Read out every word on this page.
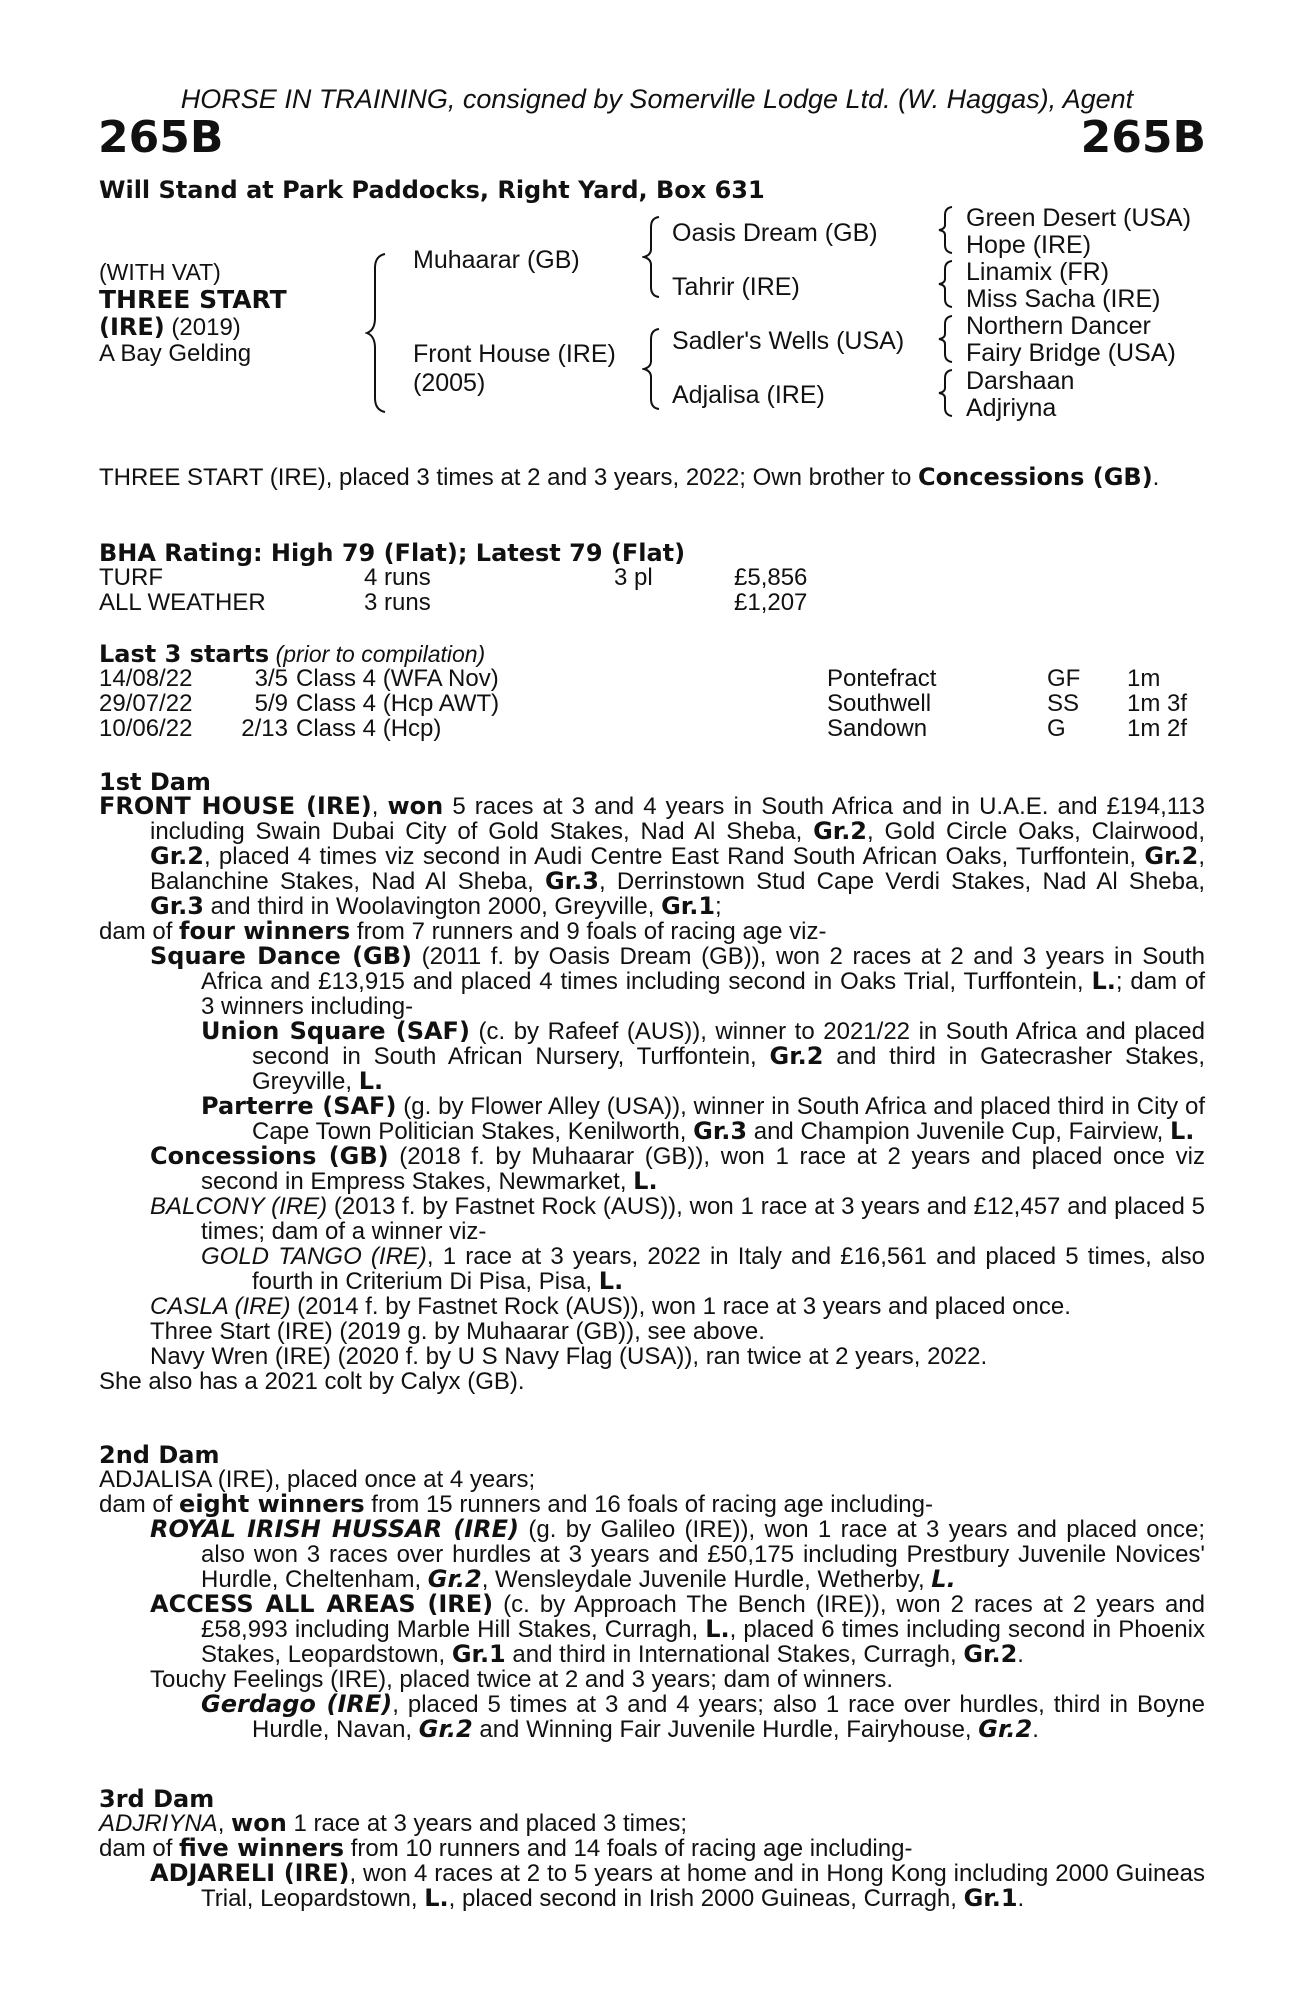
HORSE IN TRAINING, consigned by Somerville Lodge Ltd. (W. Haggas), Agent
265B	265B
Will Stand at Park Paddocks, Right Yard, Box 631
(WITH VAT)
THREE START
(IRE) (2019)
A Bay Gelding
Muhaarar (GB)
Front House (IRE)
(2005)
Oasis Dream (GB)
Tahrir (IRE)
Sadler's Wells (USA)
Adjalisa (IRE)
Green Desert (USA)
Hope (IRE)
Linamix (FR)
Miss Sacha (IRE)
Northern Dancer
Fairy Bridge (USA)
Darshaan
Adjriyna
THREE START (IRE), placed 3 times at 2 and 3 years, 2022; Own brother to Concessions (GB).
BHA Rating: High 79 (Flat); Latest 79 (Flat)
TURF	4 runs	3 pl	£5,856
ALL WEATHER	3 runs		£1,207
Last 3 starts (prior to compilation)
14/08/22	3/5	Class 4 (WFA Nov)	Pontefract	GF	1m
29/07/22	5/9	Class 4 (Hcp AWT)	Southwell	SS	1m 3f
10/06/22	2/13	Class 4 (Hcp)	Sandown	G	1m 2f
1st Dam
FRONT HOUSE (IRE), won 5 races at 3 and 4 years in South Africa and in U.A.E. and £194,113 including Swain Dubai City of Gold Stakes, Nad Al Sheba, Gr.2, Gold Circle Oaks, Clairwood, Gr.2, placed 4 times viz second in Audi Centre East Rand South African Oaks, Turffontein, Gr.2, Balanchine Stakes, Nad Al Sheba, Gr.3, Derrinstown Stud Cape Verdi Stakes, Nad Al Sheba, Gr.3 and third in Woolavington 2000, Greyville, Gr.1;
dam of four winners from 7 runners and 9 foals of racing age viz-
Square Dance (GB) (2011 f. by Oasis Dream (GB)), won 2 races at 2 and 3 years in South Africa and £13,915 and placed 4 times including second in Oaks Trial, Turffontein, L.; dam of 3 winners including-
Union Square (SAF) (c. by Rafeef (AUS)), winner to 2021/22 in South Africa and placed second in South African Nursery, Turffontein, Gr.2 and third in Gatecrasher Stakes, Greyville, L.
Parterre (SAF) (g. by Flower Alley (USA)), winner in South Africa and placed third in City of Cape Town Politician Stakes, Kenilworth, Gr.3 and Champion Juvenile Cup, Fairview, L.
Concessions (GB) (2018 f. by Muhaarar (GB)), won 1 race at 2 years and placed once viz second in Empress Stakes, Newmarket, L.
BALCONY (IRE) (2013 f. by Fastnet Rock (AUS)), won 1 race at 3 years and £12,457 and placed 5 times; dam of a winner viz-
GOLD TANGO (IRE), 1 race at 3 years, 2022 in Italy and £16,561 and placed 5 times, also fourth in Criterium Di Pisa, Pisa, L.
CASLA (IRE) (2014 f. by Fastnet Rock (AUS)), won 1 race at 3 years and placed once.
Three Start (IRE) (2019 g. by Muhaarar (GB)), see above.
Navy Wren (IRE) (2020 f. by U S Navy Flag (USA)), ran twice at 2 years, 2022.
She also has a 2021 colt by Calyx (GB).
2nd Dam
ADJALISA (IRE), placed once at 4 years;
dam of eight winners from 15 runners and 16 foals of racing age including-
ROYAL IRISH HUSSAR (IRE) (g. by Galileo (IRE)), won 1 race at 3 years and placed once; also won 3 races over hurdles at 3 years and £50,175 including Prestbury Juvenile Novices' Hurdle, Cheltenham, Gr.2, Wensleydale Juvenile Hurdle, Wetherby, L.
ACCESS ALL AREAS (IRE) (c. by Approach The Bench (IRE)), won 2 races at 2 years and £58,993 including Marble Hill Stakes, Curragh, L., placed 6 times including second in Phoenix Stakes, Leopardstown, Gr.1 and third in International Stakes, Curragh, Gr.2.
Touchy Feelings (IRE), placed twice at 2 and 3 years; dam of winners.
Gerdago (IRE), placed 5 times at 3 and 4 years; also 1 race over hurdles, third in Boyne Hurdle, Navan, Gr.2 and Winning Fair Juvenile Hurdle, Fairyhouse, Gr.2.
3rd Dam
ADJRIYNA, won 1 race at 3 years and placed 3 times;
dam of five winners from 10 runners and 14 foals of racing age including-
ADJARELI (IRE), won 4 races at 2 to 5 years at home and in Hong Kong including 2000 Guineas Trial, Leopardstown, L., placed second in Irish 2000 Guineas, Curragh, Gr.1.
